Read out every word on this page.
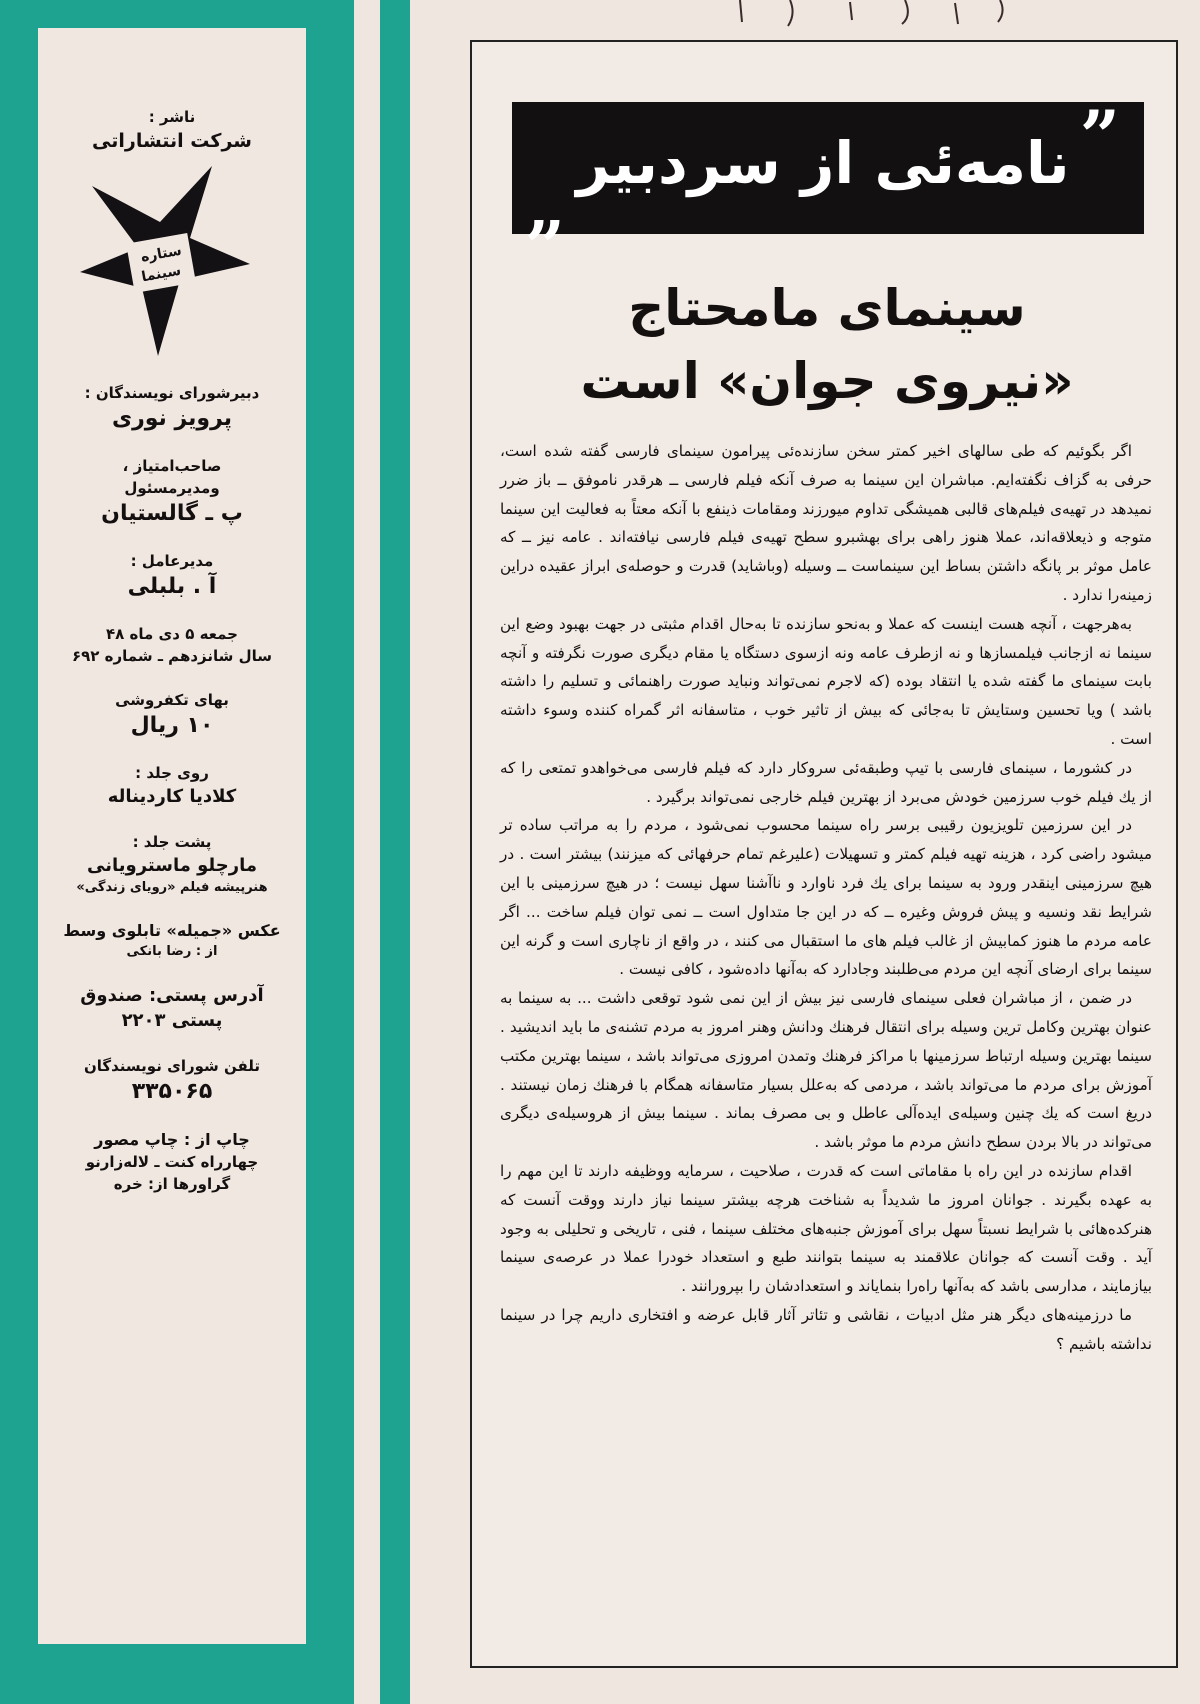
ناشر :
شرکت انتشاراتی
ستاره
سینما
دبیرشورای نویسندگان :
پرویز نوری
صاحب‌امتیاز ،
ومدیرمسئول
پ ـ گالستیان
مدیرعامل :
آ . بلبلی
جمعه ۵ دی ماه ۴۸
سال شانزدهم ـ شماره ۶۹۲
بهای تکفروشی
۱۰ ریال
روی جلد :
کلادیا کاردیناله
پشت جلد :
مارچلو ماسترویانی
هنرپیشه فیلم «رویای زندگی»
عکس «جمیله» تابلوی وسط
از : رضا بانکی
آدرس پستی: صندوق
پستی ۲۲۰۳
تلفن شورای نویسندگان
۳۳۵۰۶۵
چاپ از : چاپ مصور
چهارراه کنت ـ لاله‌زارنو
گراورها از: خره
”
نامه‌ئی از سردبیر
„
سینمای مامحتاج
«نیروی جوان» است

اگر بگوئیم که طی سالهای اخیر کمتر سخن سازنده‌ئی پیرامون سینمای فارسی گفته شده است، حرفی به گزاف نگفته‌ایم. مباشران این سینما به صرف آنکه فیلم فارسی ــ هرقدر ناموفق ــ باز ضرر نمیدهد در تهیه‌ی فیلم‌های قالبی همیشگی تداوم میورزند ومقامات ذینفع با آنکه معتاً به فعالیت این سینما متوجه و ذیعلاقه‌اند، عملا هنوز راهی برای بهشبرو سطح تهیه‌ی فیلم فارسی نیافته‌اند . عامه نیز ــ که عامل موثر بر پانگه داشتن بساط این سینماست ــ وسیله (وباشاید) قدرت و حوصله‌ی ابراز عقیده دراین زمینه‌را ندارد .

به‌هرجهت ، آنچه هست اینست که عملا و به‌نحو سازنده تا به‌حال اقدام مثبتی در جهت بهبود وضع این سینما نه ازجانب فیلمسازها و نه ازطرف عامه ونه ازسوی دستگاه یا مقام دیگری صورت نگرفته و آنچه بابت سینمای ما گفته شده یا انتقاد بوده (که لاجرم نمی‌تواند ونباید صورت راهنمائی و تسلیم را داشته باشد ) ویا تحسین وستایش تا به‌جائی که بیش از تاثیر خوب ، متاسفانه اثر گمراه کننده وسوء داشته است .

در کشورما ، سینمای فارسی با تیپ وطبقه‌ئی سروکار دارد که فیلم فارسی می‌خواهدو تمتعی را که از یك فیلم خوب سرزمین خودش می‌برد از بهترین فیلم خارجی نمی‌تواند برگیرد .

در این سرزمین تلویزیون رقیبی برسر راه سینما محسوب نمی‌شود ، مردم را به مراتب ساده تر میشود راضی کرد ، هزینه تهیه فیلم کمتر و تسهیلات (علیرغم تمام حرفهائی که میزنند) بیشتر است . در هیچ سرزمینی اینقدر ورود به سینما برای یك فرد ناوارد و ناآشنا سهل نیست ؛ در هیچ سرزمینی با این شرایط نقد ونسیه و پیش فروش وغیره ــ که در این جا متداول است ــ نمی توان فیلم ساخت ... اگر عامه مردم ما هنوز کمابیش از غالب فیلم های ما استقبال می کنند ، در واقع از ناچاری است و گرنه این سینما برای ارضای آنچه این مردم می‌طلبند وجادارد که به‌آنها داده‌شود ، کافی نیست .

در ضمن ، از مباشران فعلی سینمای فارسی نیز بیش از این نمی شود توقعی داشت ... به سینما به عنوان بهترین وکامل ترین وسیله برای انتقال فرهنك ودانش وهنر امروز به مردم تشنه‌ی ما باید اندیشید . سینما بهترین وسیله ارتباط سرزمینها با مراکز فرهنك وتمدن امروزی می‌تواند باشد ، سینما بهترین مکتب آموزش برای مردم ما می‌تواند باشد ، مردمی که به‌علل بسیار متاسفانه همگام با فرهنك زمان نیستند . دریغ است که یك چنین وسیله‌ی ایده‌آلی عاطل و بی مصرف بماند . سینما بیش از هروسیله‌ی دیگری می‌تواند در بالا بردن سطح دانش مردم ما موثر باشد .

اقدام سازنده در این راه با مقاماتی است که قدرت ، صلاحیت ، سرمایه ووظیفه دارند تا این مهم را به عهده بگیرند . جوانان امروز ما شدیداً به شناخت هرچه بیشتر سینما نیاز دارند ووقت آنست که هنرکده‌هائی با شرایط نسبتاً سهل برای آموزش جنبه‌های مختلف سینما ، فنی ، تاریخی و تحلیلی به وجود آید . وقت آنست که جوانان علاقمند به سینما بتوانند طبع و استعداد خودرا عملا در عرصه‌ی سینما بیازمایند ، مدارسی باشد که به‌آنها راه‌را بنمایاند و استعدادشان را بپرورانند .

ما درزمینه‌های دیگر هنر مثل ادبیات ، نقاشی و تئاتر آثار قابل عرضه و افتخاری داریم چرا در سینما نداشته باشیم ؟
